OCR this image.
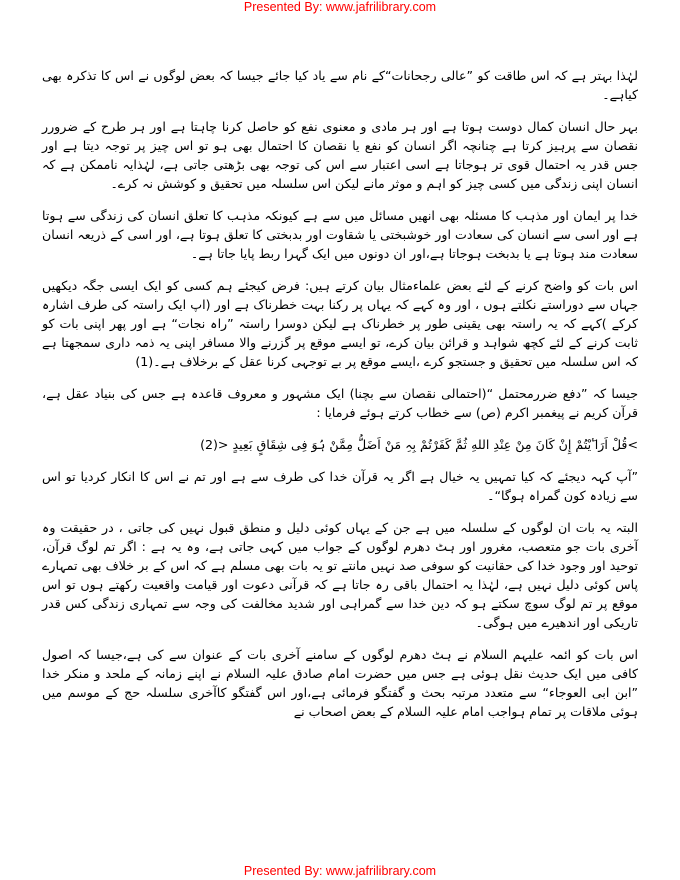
Presented By: www.jafrilibrary.com

لہٰذا بہتر ہے کہ اس طاقت کو ”عالی رجحانات“کے نام سے یاد کیا جائے جیسا کہ بعض لوگوں نے اس کا تذکرہ بھی کیاہے۔

بہر حال انسان کمال دوست ہوتا ہے اور ہر مادی و معنوی نفع کو حاصل کرنا چاہتا ہے اور ہر طرح کے ضرورر نقصان سے پرہیز کرتا ہے چنانچہ اگر انسان کو نفع یا نقصان کا احتمال بھی ہو تو اس چیز پر توجہ دیتا ہے اور جس قدر یہ احتمال قوی تر ہوجاتا ہے اسی اعتبار سے اس کی توجہ بھی بڑھتی جاتی ہے، لہٰذایہ ناممکن ہے کہ انسان اپنی زندگی میں کسی چیز کو اہم و موثر مانے لیکن اس سلسلہ میں تحقیق و کوشش نہ کرے۔

خدا پر ایمان اور مذہب کا مسئلہ بھی انھیں مسائل میں سے ہے کیونکہ مذہب کا تعلق انسان کی زندگی سے ہوتا ہے اور اسی سے انسان کی سعادت اور خوشبختی یا شقاوت اور بدبختی کا تعلق ہوتا ہے، اور اسی کے ذریعہ انسان سعادت مند ہوتا ہے یا بدبخت ہوجاتا ہے،اور ان دونوں میں ایک گہرا ربط پایا جاتا ہے۔

اس بات کو واضح کرنے کے لئے بعض علماءمثال بیان کرتے ہیں: فرض کیجئے ہم کسی کو ایک ایسی جگہ دیکھیں جہاں سے دوراستے نکلتے ہوں ، اور وہ کہے کہ یہاں پر رکنا بہت خطرناک ہے اور (اپ ایک راستہ کی طرف اشارہ کرکے )کہے کہ یہ راستہ بھی یقینی طور پر خطرناک ہے لیکن دوسرا راستہ ”راہ نجات“ ہے اور پھر اپنی بات کو ثابت کرنے کے لئے کچھ شواہد و قرائن بیان کرے، تو ایسے موقع پر گزرنے والا مسافر اپنی یہ ذمہ داری سمجھتا ہے کہ اس سلسلہ میں تحقیق و جستجو کرے ،ایسے موقع پر بے توجہی کرنا عقل کے برخلاف ہے۔(1)

جیسا کہ ”دفع ضررمحتمل “(احتمالی نقصان سے بچنا) ایک مشہور و معروف قاعدہ ہے جس کی بنیاد عقل ہے، قرآن کریم نے پیغمبر اکرم (ص) سے خطاب کرتے ہوئے فرمایا :

>قُلْ اَرَاٴَیْتُمْ إِنْ کَانَ مِنْ عِنْدِ اللهِ ثُمَّ کَفَرْتُمْ بِہِ مَنْ اَضَلُّ مِمَّنْ ہُوَ فِی شِقَاقٍ بَعِیدٍ <(2)

”آپ کہہ دیجئے کہ کیا تمہیں یہ خیال ہے اگر یہ قرآن خدا کی طرف سے ہے اور تم نے اس کا انکار کردیا تو اس سے زیادہ کون گمراہ ہوگا“۔

البتہ یہ بات ان لوگوں کے سلسلہ میں ہے جن کے یہاں کوئی دلیل و منطق قبول نہیں کی جاتی ، در حقیقت وہ آخری بات جو متعصب، مغرور اور ہٹ دھرم لوگوں کے جواب میں کہی جاتی ہے، وہ یہ ہے : اگر تم لوگ قرآن، توحید اور وجود خدا کی حقانیت کو سوفی صد نہیں مانتے تو یہ بات بھی مسلم ہے کہ اس کے بر خلاف بھی تمہارے پاس کوئی دلیل نہیں ہے، لہٰذا یہ احتمال باقی رہ جاتا ہے کہ قرآنی دعوت اور قیامت واقعیت رکھتے ہوں تو اس موقع پر تم لوگ سوچ سکتے ہو کہ دین خدا سے گمراہی اور شدید مخالفت کی وجہ سے تمہاری زندگی کس قدر تاریکی اور اندھیرے میں ہوگی۔

اس بات کو ائمہ علیہم السلام نے ہٹ دھرم لوگوں کے سامنے آخری بات کے عنوان سے کی ہے،جیسا کہ اصول کافی میں ایک حدیث نقل ہوئی ہے جس میں حضرت امام صادق علیہ السلام نے اپنے زمانہ کے ملحد و منکر خدا ”ابن ابی العوجاء“ سے متعدد مرتبہ بحث و گفتگو فرمائی ہے،اور اس گفتگو کاآخری سلسلہ حج کے موسم میں ہوئی ملاقات پر تمام ہواجب امام علیہ السلام کے بعض اصحاب نے

Presented By: www.jafrilibrary.com
